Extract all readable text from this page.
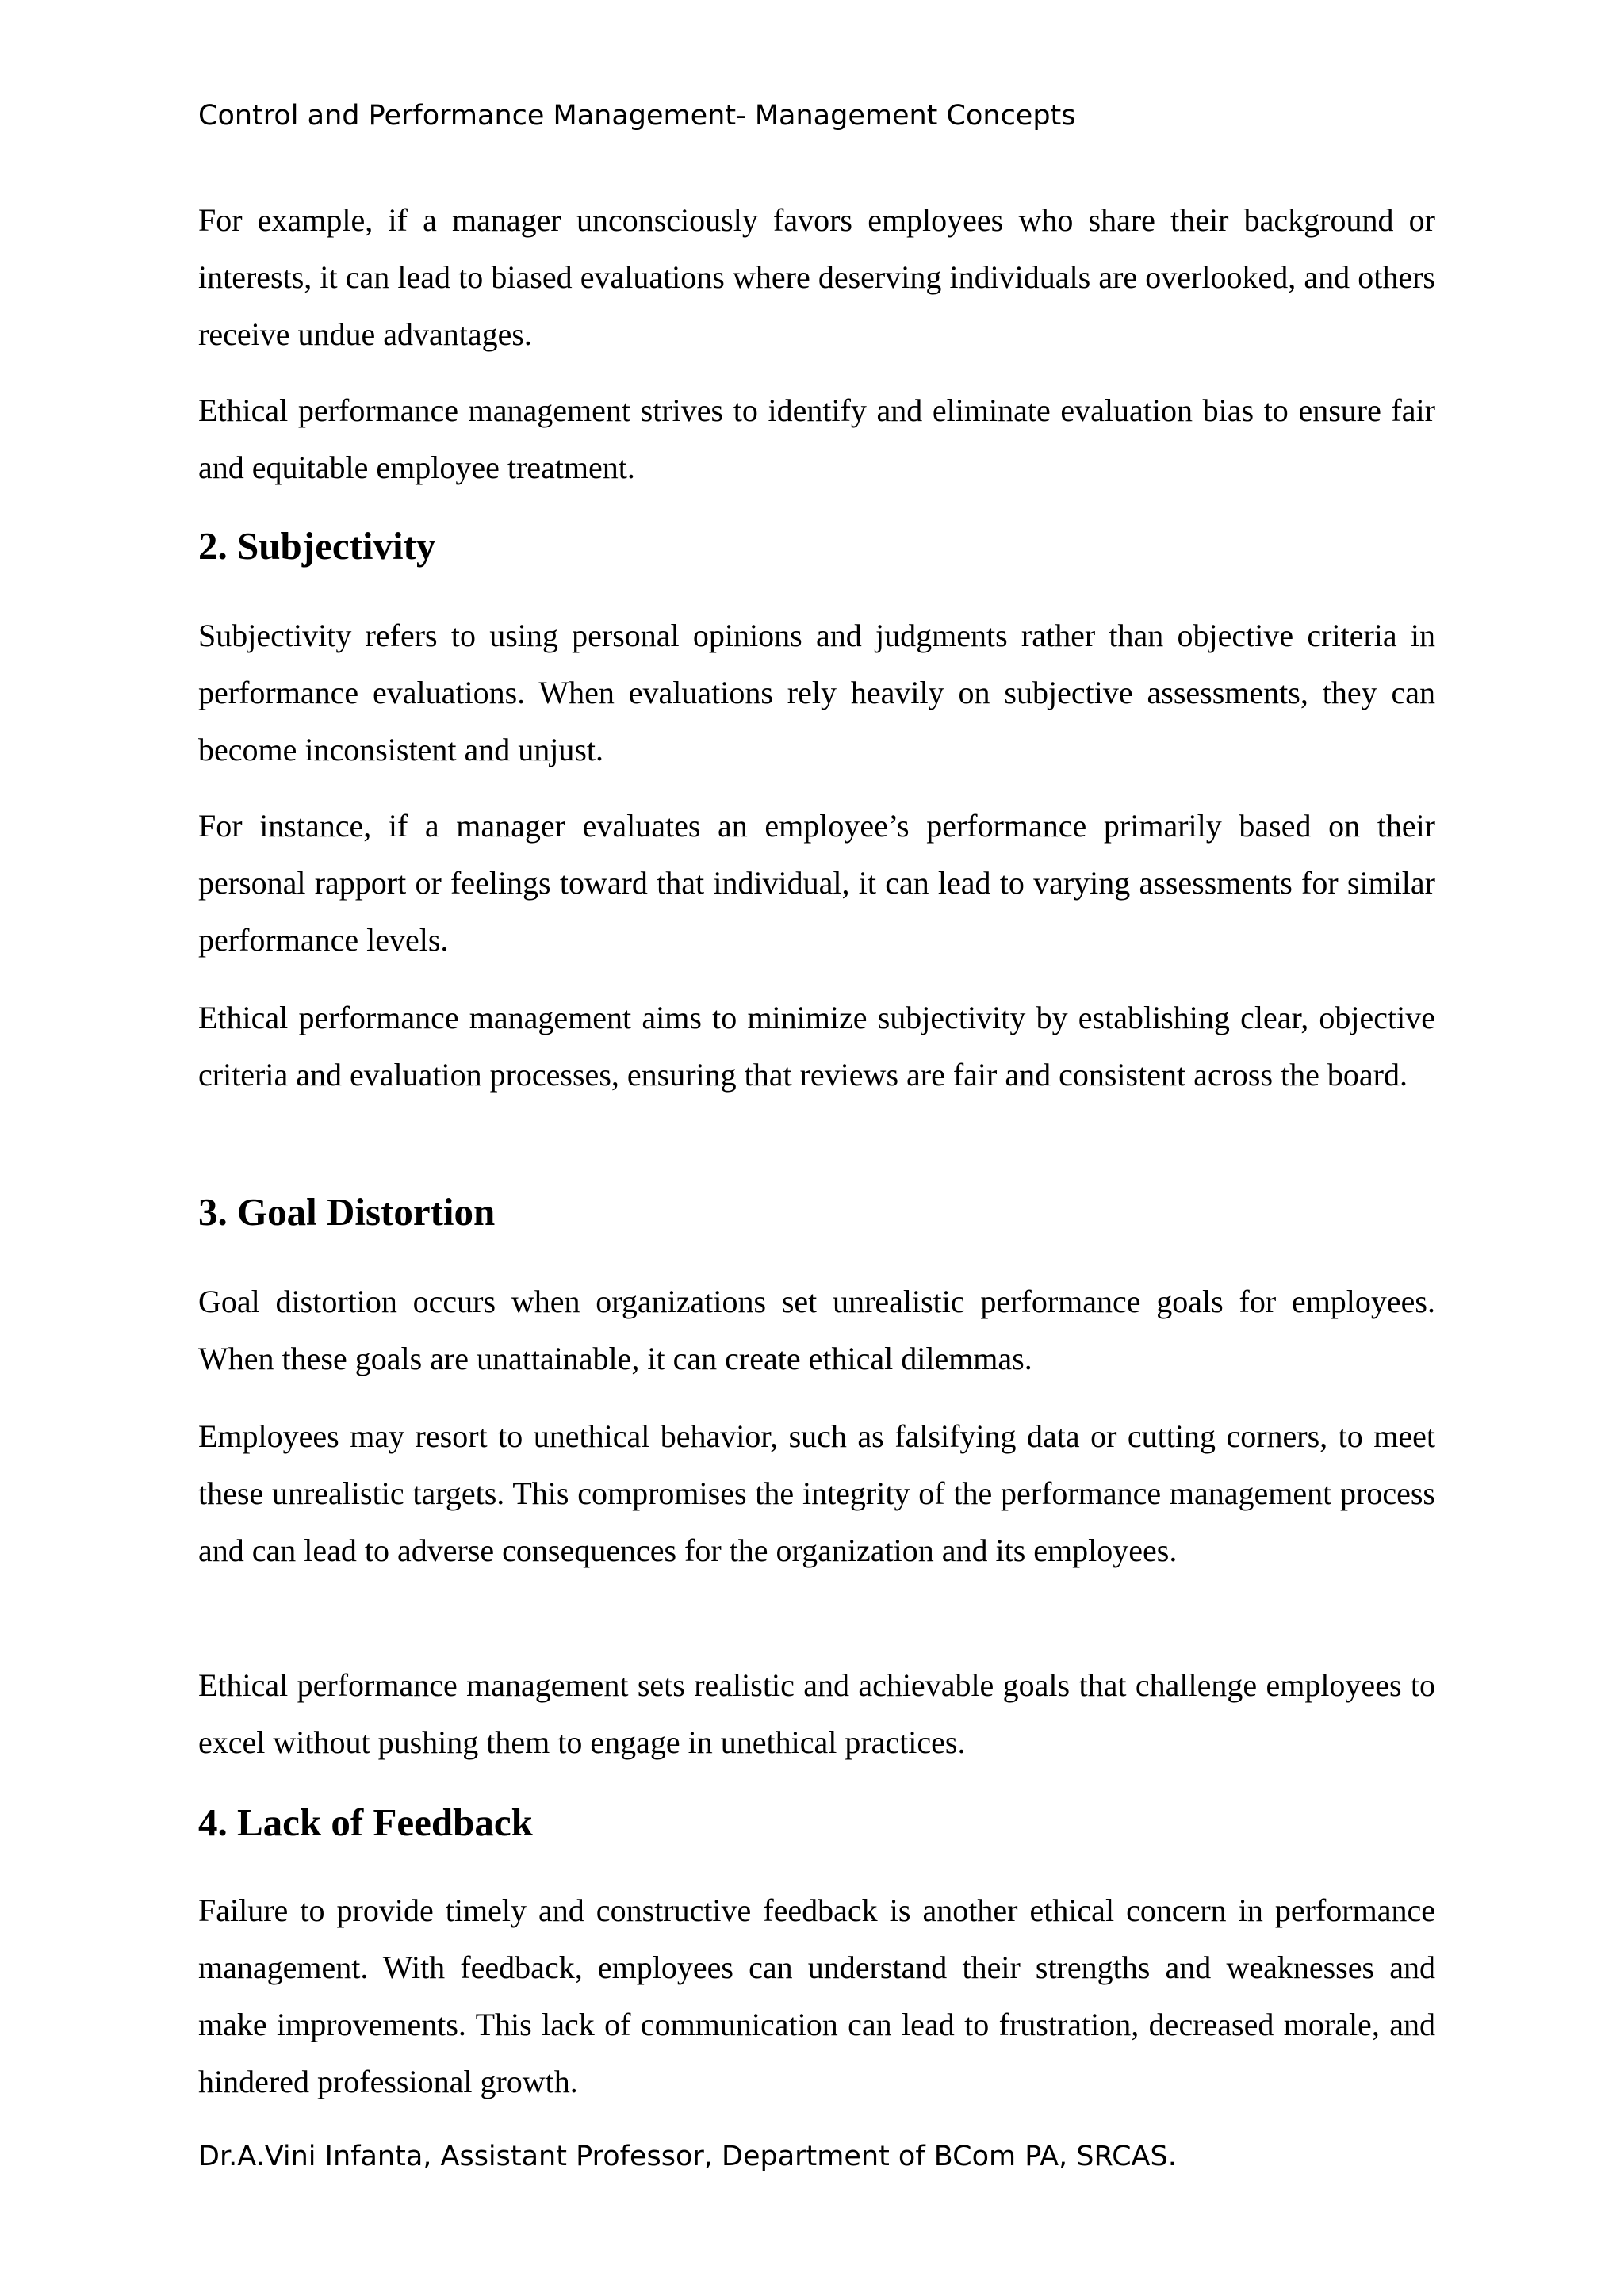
Control and Performance Management- Management Concepts

For example, if a manager unconsciously favors employees who share their background or interests, it can lead to biased evaluations where deserving individuals are overlooked, and others receive undue advantages.

Ethical performance management strives to identify and eliminate evaluation bias to ensure fair and equitable employee treatment.

2. Subjectivity

Subjectivity refers to using personal opinions and judgments rather than objective criteria in performance evaluations. When evaluations rely heavily on subjective assessments, they can become inconsistent and unjust.

For instance, if a manager evaluates an employee’s performance primarily based on their personal rapport or feelings toward that individual, it can lead to varying assessments for similar performance levels.

Ethical performance management aims to minimize subjectivity by establishing clear, objective criteria and evaluation processes, ensuring that reviews are fair and consistent across the board.

3. Goal Distortion

Goal distortion occurs when organizations set unrealistic performance goals for employees. When these goals are unattainable, it can create ethical dilemmas.

Employees may resort to unethical behavior, such as falsifying data or cutting corners, to meet these unrealistic targets. This compromises the integrity of the performance management process and can lead to adverse consequences for the organization and its employees.

Ethical performance management sets realistic and achievable goals that challenge employees to excel without pushing them to engage in unethical practices.

4. Lack of Feedback

Failure to provide timely and constructive feedback is another ethical concern in performance management. With feedback, employees can understand their strengths and weaknesses and make improvements. This lack of communication can lead to frustration, decreased morale, and hindered professional growth.

Dr.A.Vini Infanta, Assistant Professor, Department of BCom PA, SRCAS.
